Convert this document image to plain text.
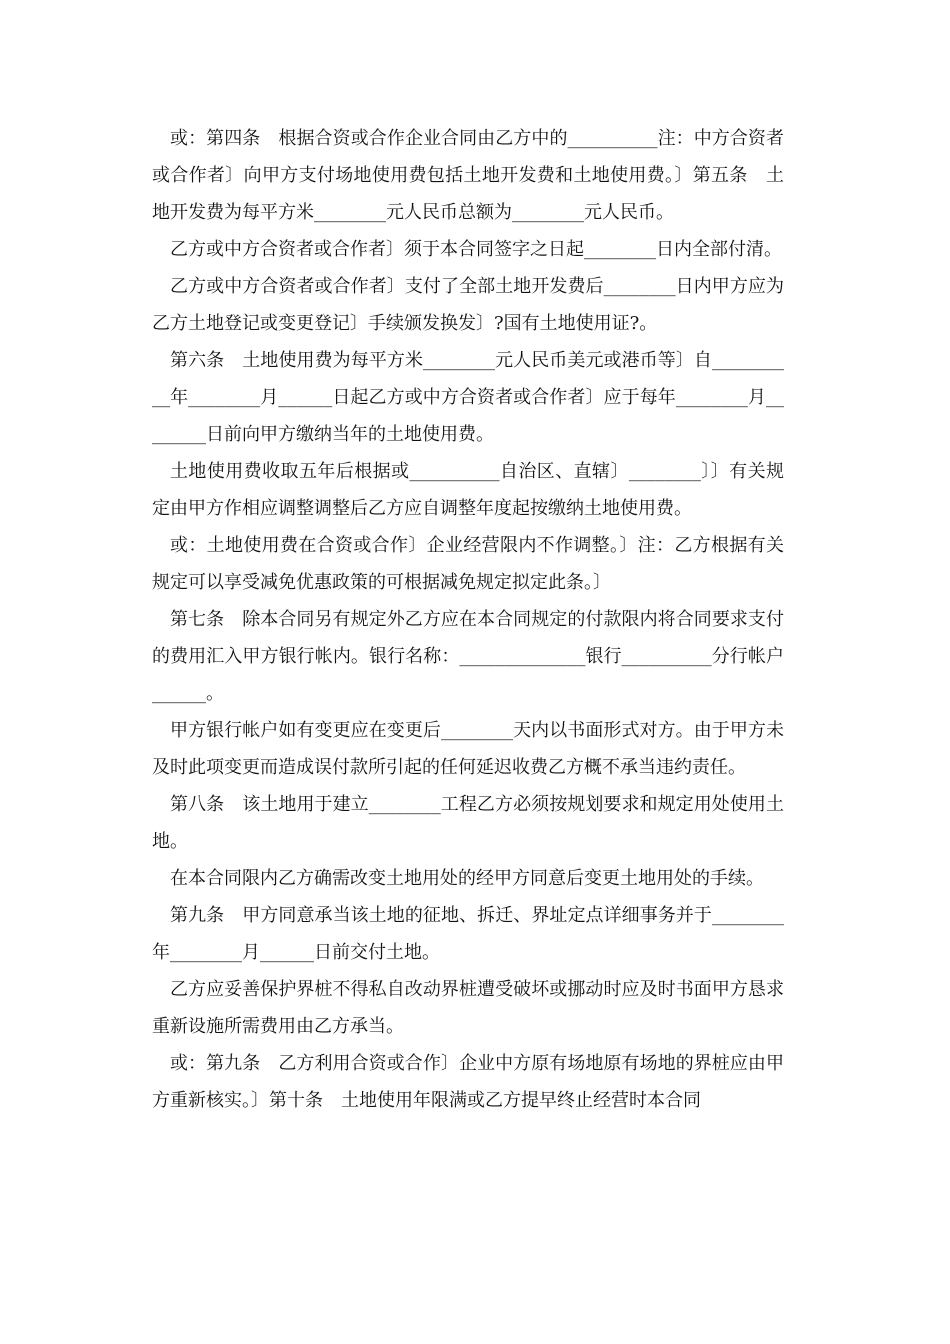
或：第四条　根据合资或合作企业合同由乙方中的__________注：中方合资者或合作者〕向甲方支付场地使用费包括土地开发费和土地使用费。〕第五条　土地开发费为每平方米________元人民币总额为________元人民币。

乙方或中方合资者或合作者〕须于本合同签字之日起________日内全部付清。

乙方或中方合资者或合作者〕支付了全部土地开发费后________日内甲方应为乙方土地登记或变更登记〕手续颁发换发〕?国有土地使用证?。

第六条　土地使用费为每平方米________元人民币美元或港币等〕自__________年________月______日起乙方或中方合资者或合作者〕应于每年________月________日前向甲方缴纳当年的土地使用费。

土地使用费收取五年后根据或__________自治区、直辖〕________〕〕有关规定由甲方作相应调整调整后乙方应自调整年度起按缴纳土地使用费。

或：土地使用费在合资或合作〕企业经营限内不作调整。〕注：乙方根据有关规定可以享受减免优惠政策的可根据减免规定拟定此条。〕

第七条　除本合同另有规定外乙方应在本合同规定的付款限内将合同要求支付的费用汇入甲方银行帐内。银行名称：______________银行__________分行帐户______。

甲方银行帐户如有变更应在变更后________天内以书面形式对方。由于甲方未及时此项变更而造成误付款所引起的任何延迟收费乙方概不承当违约责任。

第八条　该土地用于建立________工程乙方必须按规划要求和规定用处使用土地。

在本合同限内乙方确需改变土地用处的经甲方同意后变更土地用处的手续。

第九条　甲方同意承当该土地的征地、拆迁、界址定点详细事务并于________年________月______日前交付土地。

乙方应妥善保护界桩不得私自改动界桩遭受破坏或挪动时应及时书面甲方恳求重新设施所需费用由乙方承当。

或：第九条　乙方利用合资或合作〕企业中方原有场地原有场地的界桩应由甲方重新核实。〕第十条　土地使用年限满或乙方提早终止经营时本合同
